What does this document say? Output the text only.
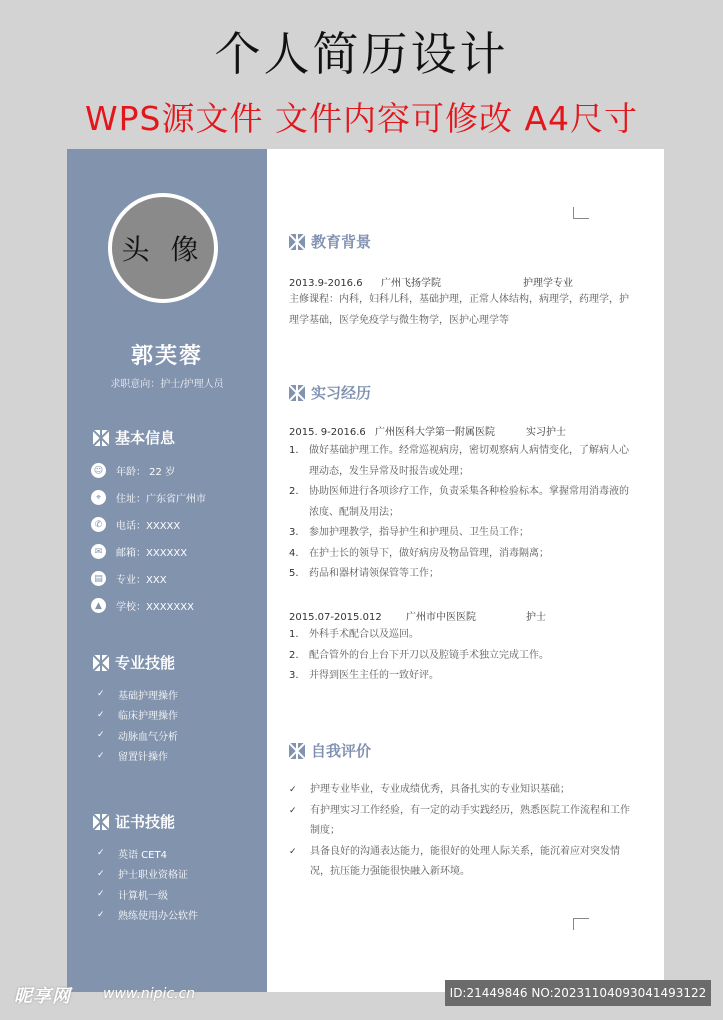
个人简历设计
WPS源文件 文件内容可修改 A4尺寸
头 像
郭芙蓉
求职意向：护士/护理人员
基本信息
☺ 年龄： 22 岁
⌖	住址：广东省广州市
✆	电话：XXXXX
✉	邮箱：XXXXXX
▤	专业：XXX
▲	学校：XXXXXXX
专业技能
✓	基础护理操作
✓	临床护理操作
✓	动脉血气分析
✓	留置针操作
证书技能
✓	英语 CET4
✓	护士职业资格证
✓	计算机一级
✓	熟练使用办公软件
教育背景
2013.9-2016.6 广州飞扬学院	护理学专业
主修课程：内科，妇科儿科，基础护理，正常人体结构，病理学，药理学，护理学基础，医学免疫学与微生物学，医护心理学等
实习经历
2015. 9-2016.6 广州医科大学第一附属医院	实习护士
1.	做好基础护理工作。经常巡视病房，密切观察病人病情变化，了解病人心理动态，发生异常及时报告或处理；
2.	协助医师进行各项诊疗工作，负责采集各种检验标本。掌握常用消毒液的浓度、配制及用法；
3.	参加护理教学，指导护生和护理员、卫生员工作；
4.	在护士长的领导下，做好病房及物品管理，消毒隔离；
5.	药品和器材请领保管等工作；
2015.07-2015.012 广州市中医医院	护士
1.	外科手术配合以及巡回。
2.	配合管外的台上台下开刀以及腔镜手术独立完成工作。
3.	并得到医生主任的一致好评。
自我评价
✓	护理专业毕业，专业成绩优秀，具备扎实的专业知识基础；
✓	有护理实习工作经验，有一定的动手实践经历，熟悉医院工作流程和工作制度；
✓	具备良好的沟通表达能力，能很好的处理人际关系，能沉着应对突发情况，抗压能力强能很快融入新环境。
昵享网 www.nipic.cn	ID:21449846 NO:20231104093041493122
